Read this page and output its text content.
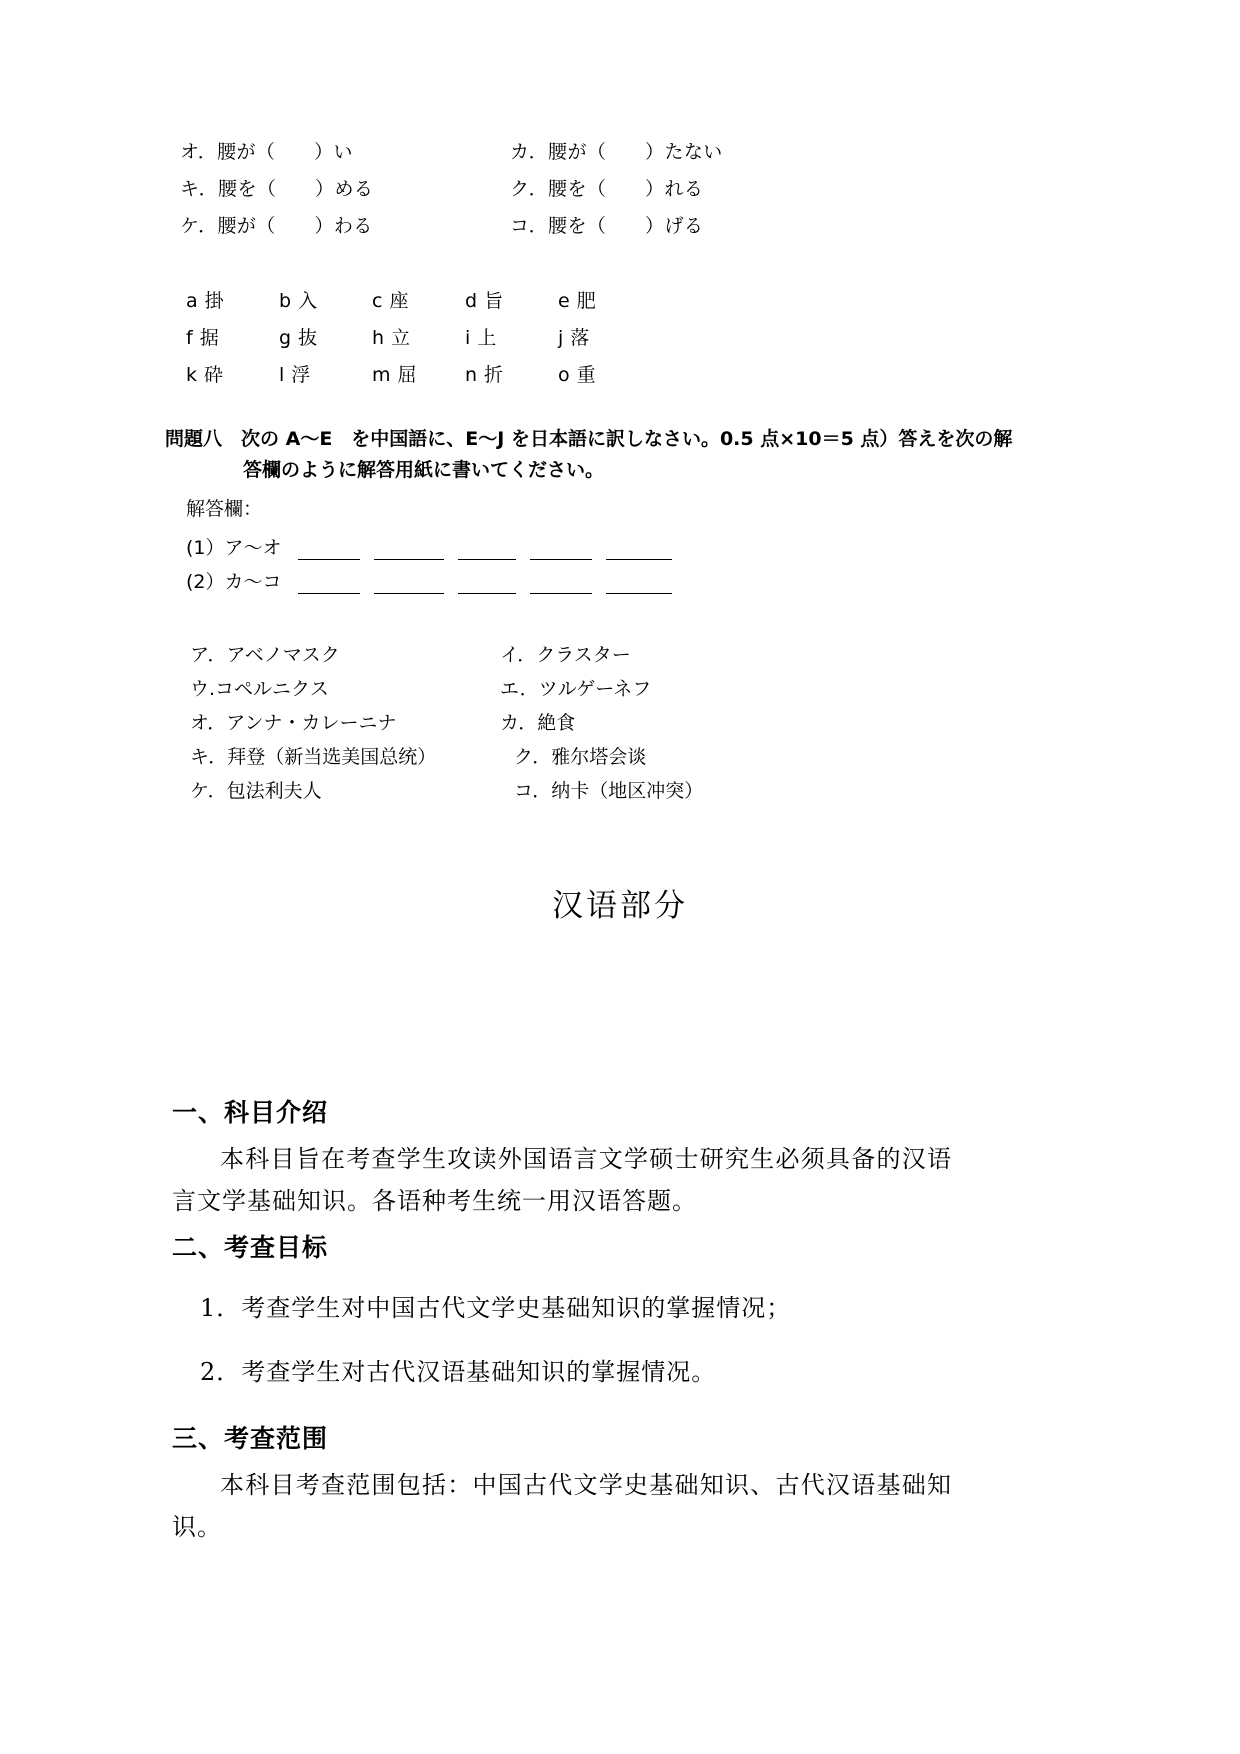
オ．腰が（　　）い	カ．腰が（　　）たない
キ．腰を（　　）める	ク．腰を（　　）れる
ケ．腰が（　　）わる	コ．腰を（　　）げる
a 掛	b 入	c 座	d 旨	e 肥
f 据	g 抜	h 立	i 上	j 落
k 砕	l 浮	m 屈	n 折	o 重
問題八　次の A〜E　を中国語に、E〜J を日本語に訳しなさい。0.5 点×10＝5 点）答えを次の解
答欄のように解答用紙に書いてください。
解答欄：
(1）ア〜オ
(2）カ〜コ
ア．アベノマスク	イ．クラスター
ウ.コペルニクス	エ．ツルゲーネフ
オ．アンナ・カレーニナ	カ．絶食
キ．拜登（新当选美国总统）	ク．雅尔塔会谈
ケ．包法利夫人	コ．纳卡（地区冲突）
汉语部分
一、科目介绍
本科目旨在考查学生攻读外国语言文学硕士研究生必须具备的汉语言文学基础知识。各语种考生统一用汉语答题。
二、考查目标
1．考查学生对中国古代文学史基础知识的掌握情况；
2．考查学生对古代汉语基础知识的掌握情况。
三、考查范围
本科目考查范围包括：中国古代文学史基础知识、古代汉语基础知识。
